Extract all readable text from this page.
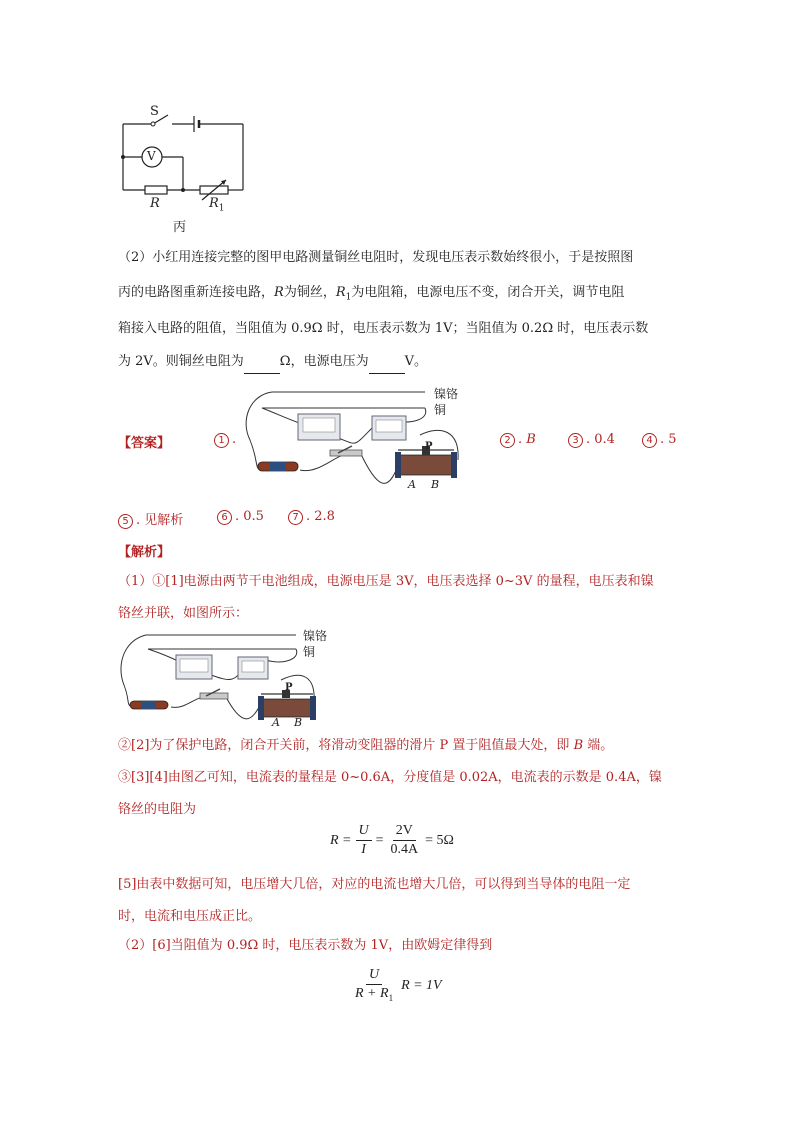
S
V
R	$R_1$
丙
（2）小红用连接完整的图甲电路测量铜丝电阻时，发现电压表示数始终很小，于是按照图
丙的电路图重新连接电路，R为铜丝，$R_1$为电阻箱，电源电压不变，闭合开关，调节电阻
箱接入电路的阻值，当阻值为 0.9Ω 时，电压表示数为 1V；当阻值为 0.2Ω 时，电压表示数
为 2V。则铜丝电阻为	Ω，电源电压为	V。
【答案】	1 .
镍铬
铜
P
A B
2 . B	3 . 0.4	4 . 5
5 . 见解析	6 . 0.5	7 . 2.8
【解析】
（1）①[1]电源由两节干电池组成，电源电压是 3V，电压表选择 0~3V 的量程，电压表和镍
铬丝并联，如图所示：
镍铬
铜
P
A B
②[2]为了保护电路，闭合开关前，将滑动变阻器的滑片 P 置于阻值最大处，即 B 端。
③[3][4]由图乙可知，电流表的量程是 0~0.6A，分度值是 0.02A，电流表的示数是 0.4A，镍
铬丝的电阻为
$R = \frac{U}{I} = \frac{2V}{0.4A} = 5\Omega$
[5]由表中数据可知，电压增大几倍，对应的电流也增大几倍，可以得到当导体的电阻一定
时，电流和电压成正比。
（2）[6]当阻值为 0.9Ω 时，电压表示数为 1V，由欧姆定律得到
$\frac{U}{R + R_1}$ R = 1V
